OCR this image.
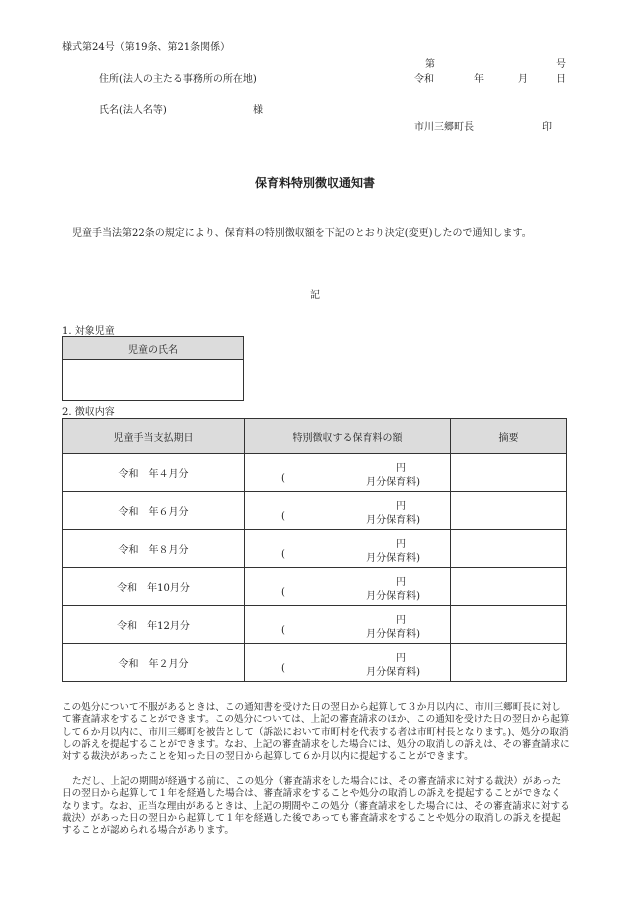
様式第24号（第19条、第21条関係）
第	号
住所(法人の主たる事務所の所在地)	令和	年	月	日
氏名(法人名等)	様
市川三郷町長	印
保育料特別徴収通知書
児童手当法第22条の規定により、保育料の特別徴収額を下記のとおり決定(変更)したので通知します。
記
1. 対象児童
児童の氏名

2. 徴収内容
児童手当支払期日	特別徴収する保育料の額	摘要
令和　年４月分	円
( 月分保育料)	

令和　年６月分	円
( 月分保育料)	

令和　年８月分	円
( 月分保育料)	

令和　年10月分	円
( 月分保育料)	

令和　年12月分	円
( 月分保育料)	

令和　年２月分	円
( 月分保育料)	

この処分について不服があるときは、この通知書を受けた日の翌日から起算して３か月以内に、市川三郷町長に対して審査請求をすることができます。この処分については、上記の審査請求のほか、この通知を受けた日の翌日から起算して６か月以内に、市川三郷町を被告として（訴訟において市町村を代表する者は市町村長となります。)、処分の取消しの訴えを提起することができます。なお、上記の審査請求をした場合には、処分の取消しの訴えは、その審査請求に対する裁決があったことを知った日の翌日から起算して６か月以内に提起することができます。
ただし、上記の期間が経過する前に、この処分（審査請求をした場合には、その審査請求に対する裁決）があった日の翌日から起算して１年を経過した場合は、審査請求をすることや処分の取消しの訴えを提起することができなくなります。なお、正当な理由があるときは、上記の期間やこの処分（審査請求をした場合には、その審査請求に対する裁決）があった日の翌日から起算して１年を経過した後であっても審査請求をすることや処分の取消しの訴えを提起することが認められる場合があります。
